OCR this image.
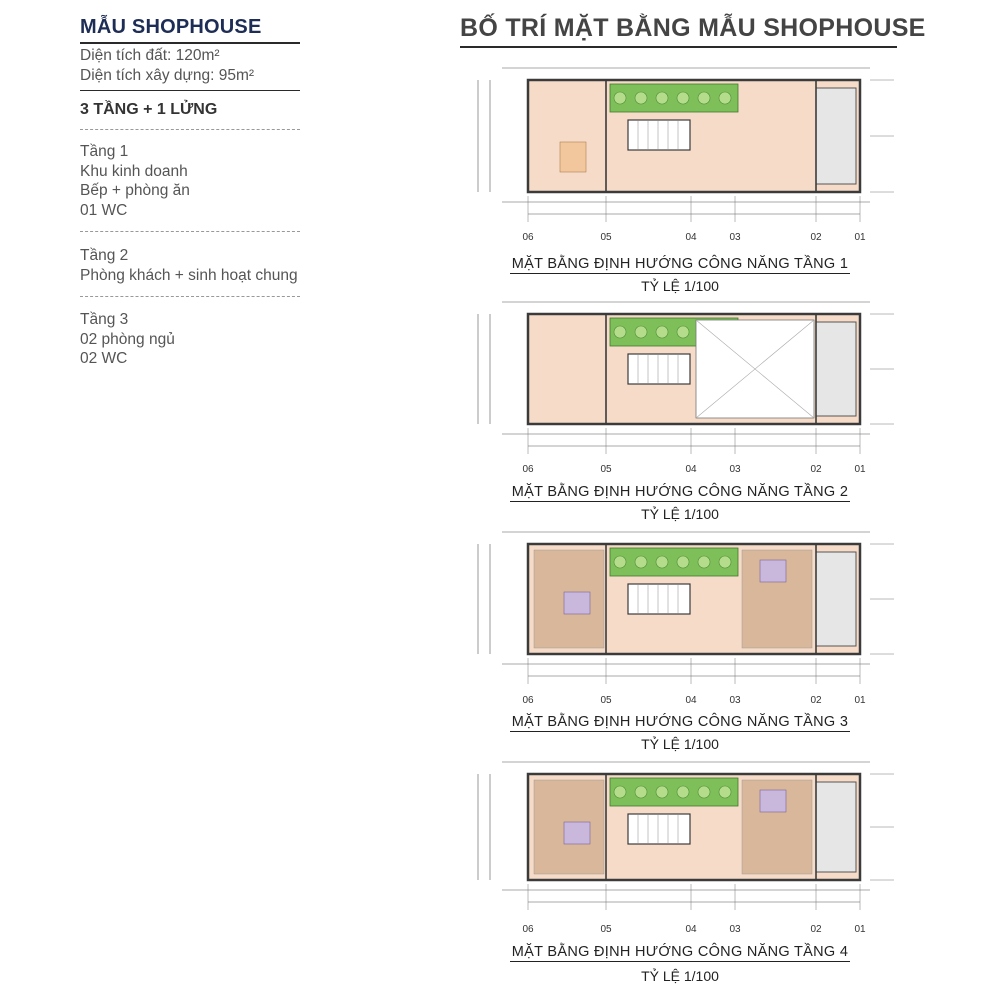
MẪU SHOPHOUSE
Diện tích đất: 120m²
Diện tích xây dựng: 95m²
3 TẦNG + 1 LỬNG
Tầng 1
Khu kinh doanh
Bếp + phòng ăn
01 WC
Tầng 2
Phòng khách + sinh hoạt chung
Tầng 3
02 phòng ngủ
02 WC
BỐ TRÍ MẶT BẰNG MẪU SHOPHOUSE
06	05	04	03	02	01
MẶT BẰNG ĐỊNH HƯỚNG CÔNG NĂNG TẦNG 1
TỶ LỆ 1/100
06	05	04	03	02	01
MẶT BẰNG ĐỊNH HƯỚNG CÔNG NĂNG TẦNG 2
TỶ LỆ 1/100
06	05	04	03	02	01
MẶT BẰNG ĐỊNH HƯỚNG CÔNG NĂNG TẦNG 3
TỶ LỆ 1/100
06	05	04	03	02	01
MẶT BẰNG ĐỊNH HƯỚNG CÔNG NĂNG TẦNG 4
TỶ LỆ 1/100
